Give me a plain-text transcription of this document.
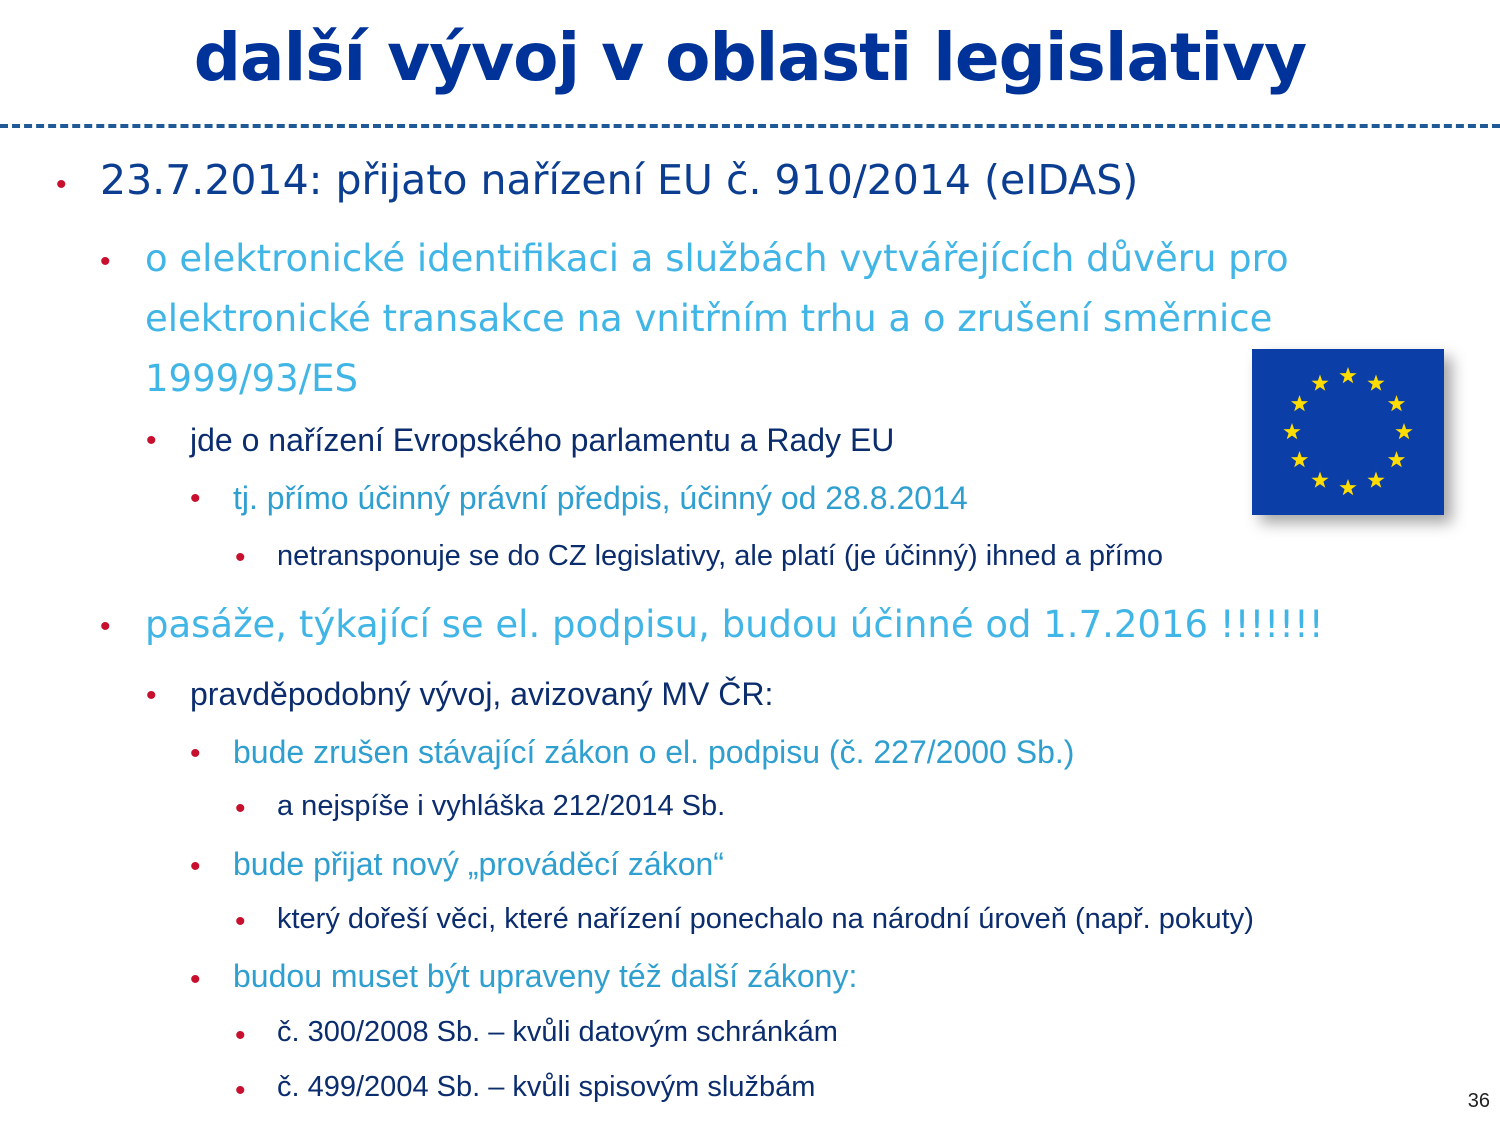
další vývoj v oblasti legislativy
• 23.7.2014: přijato nařízení EU č. 910/2014 (eIDAS)
• o elektronické identifikaci a službách vytvářejících důvěru pro elektronické transakce na vnitřním trhu a o zrušení směrnice 1999/93/ES
• jde o nařízení Evropského parlamentu a Rady EU
• tj. přímo účinný právní předpis, účinný od 28.8.2014
• netransponuje se do CZ legislativy, ale platí (je účinný) ihned a přímo
• pasáže, týkající se el. podpisu, budou účinné od 1.7.2016 !!!!!!!
• pravděpodobný vývoj, avizovaný MV ČR:
• bude zrušen stávající zákon o el. podpisu (č. 227/2000 Sb.)
• a nejspíše i vyhláška 212/2014 Sb.
• bude přijat nový „prováděcí zákon“
• který dořeší věci, které nařízení ponechalo na národní úroveň (např. pokuty)
• budou muset být upraveny též další zákony:
• č. 300/2008 Sb. – kvůli datovým schránkám
• č. 499/2004 Sb. – kvůli spisovým službám	36
